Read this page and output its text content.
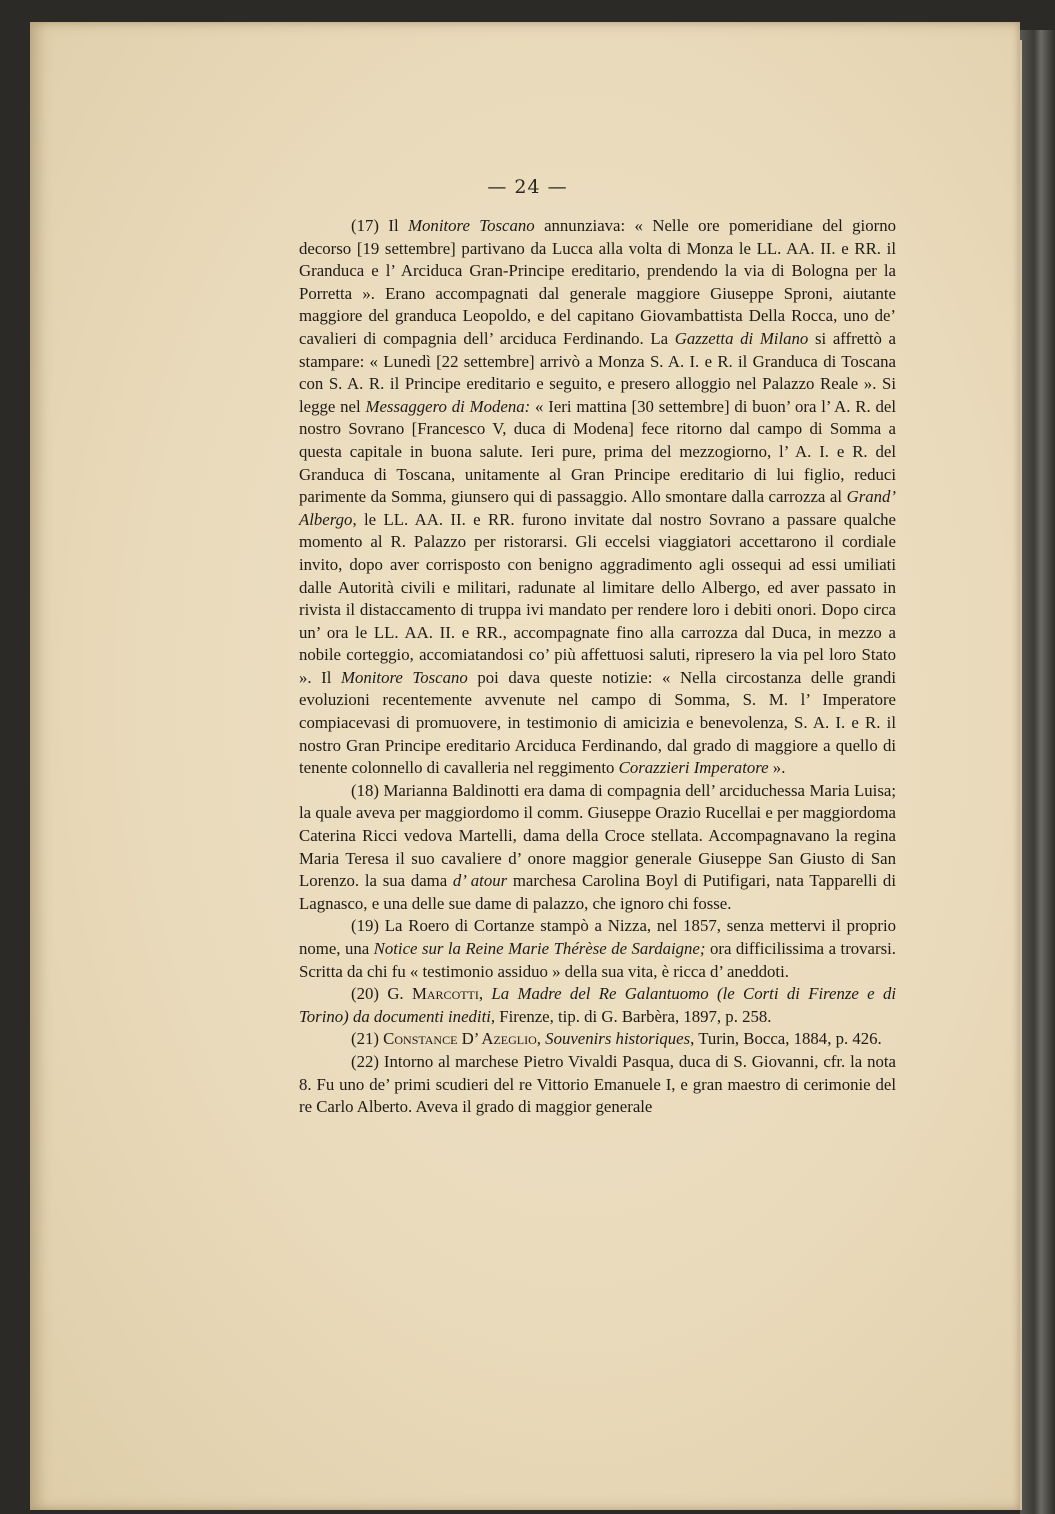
— 24 —

(17) Il Monitore Toscano annunziava: « Nelle ore pomeridiane del giorno decorso [19 settembre] partivano da Lucca alla volta di Monza le LL. AA. II. e RR. il Granduca e l’ Arciduca Gran-Principe ereditario, prendendo la via di Bologna per la Porretta ». Erano accompagnati dal generale maggiore Giuseppe Sproni, aiutante maggiore del granduca Leopoldo, e del capitano Giovambattista Della Rocca, uno de’ cavalieri di compagnia dell’ arciduca Ferdinando. La Gazzetta di Milano si affrettò a stampare: « Lunedì [22 settembre] arrivò a Monza S. A. I. e R. il Granduca di Toscana con S. A. R. il Principe ereditario e seguito, e presero alloggio nel Palazzo Reale ». Si legge nel Messaggero di Modena: « Ieri mattina [30 settembre] di buon’ ora l’ A. R. del nostro Sovrano [Francesco V, duca di Modena] fece ritorno dal campo di Somma a questa capitale in buona salute. Ieri pure, prima del mezzogiorno, l’ A. I. e R. del Granduca di Toscana, unitamente al Gran Principe ereditario di lui figlio, reduci parimente da Somma, giunsero qui di passaggio. Allo smontare dalla carrozza al Grand’ Albergo, le LL. AA. II. e RR. furono invitate dal nostro Sovrano a passare qualche momento al R. Palazzo per ristorarsi. Gli eccelsi viaggiatori accettarono il cordiale invito, dopo aver corrisposto con benigno aggradimento agli ossequi ad essi umiliati dalle Autorità civili e militari, radunate al limitare dello Albergo, ed aver passato in rivista il distaccamento di truppa ivi mandato per rendere loro i debiti onori. Dopo circa un’ ora le LL. AA. II. e RR., accompagnate fino alla carrozza dal Duca, in mezzo a nobile corteggio, accomiatandosi co’ più affettuosi saluti, ripresero la via pel loro Stato ». Il Monitore Toscano poi dava queste notizie: « Nella circostanza delle grandi evoluzioni recentemente avvenute nel campo di Somma, S. M. l’ Imperatore compiacevasi di promuovere, in testimonio di amicizia e benevolenza, S. A. I. e R. il nostro Gran Principe ereditario Arciduca Ferdinando, dal grado di maggiore a quello di tenente colonnello di cavalleria nel reggimento Corazzieri Imperatore ».

(18) Marianna Baldinotti era dama di compagnia dell’ arciduchessa Maria Luisa; la quale aveva per maggiordomo il comm. Giuseppe Orazio Rucellai e per maggiordoma Caterina Ricci vedova Martelli, dama della Croce stellata. Accompagnavano la regina Maria Teresa il suo cavaliere d’ onore maggior generale Giuseppe San Giusto di San Lorenzo. la sua dama d’ atour marchesa Carolina Boyl di Putifigari, nata Tapparelli di Lagnasco, e una delle sue dame di palazzo, che ignoro chi fosse.

(19) La Roero di Cortanze stampò a Nizza, nel 1857, senza mettervi il proprio nome, una Notice sur la Reine Marie Thérèse de Sardaigne; ora difficilissima a trovarsi. Scritta da chi fu « testimonio assiduo » della sua vita, è ricca d’ aneddoti.

(20) G. Marcotti, La Madre del Re Galantuomo (le Corti di Firenze e di Torino) da documenti inediti, Firenze, tip. di G. Barbèra, 1897, p. 258.

(21) Constance D’ Azeglio, Souvenirs historiques, Turin, Bocca, 1884, p. 426.

(22) Intorno al marchese Pietro Vivaldi Pasqua, duca di S. Giovanni, cfr. la nota 8. Fu uno de’ primi scudieri del re Vittorio Emanuele I, e gran maestro di cerimonie del re Carlo Alberto. Aveva il grado di maggior generale
